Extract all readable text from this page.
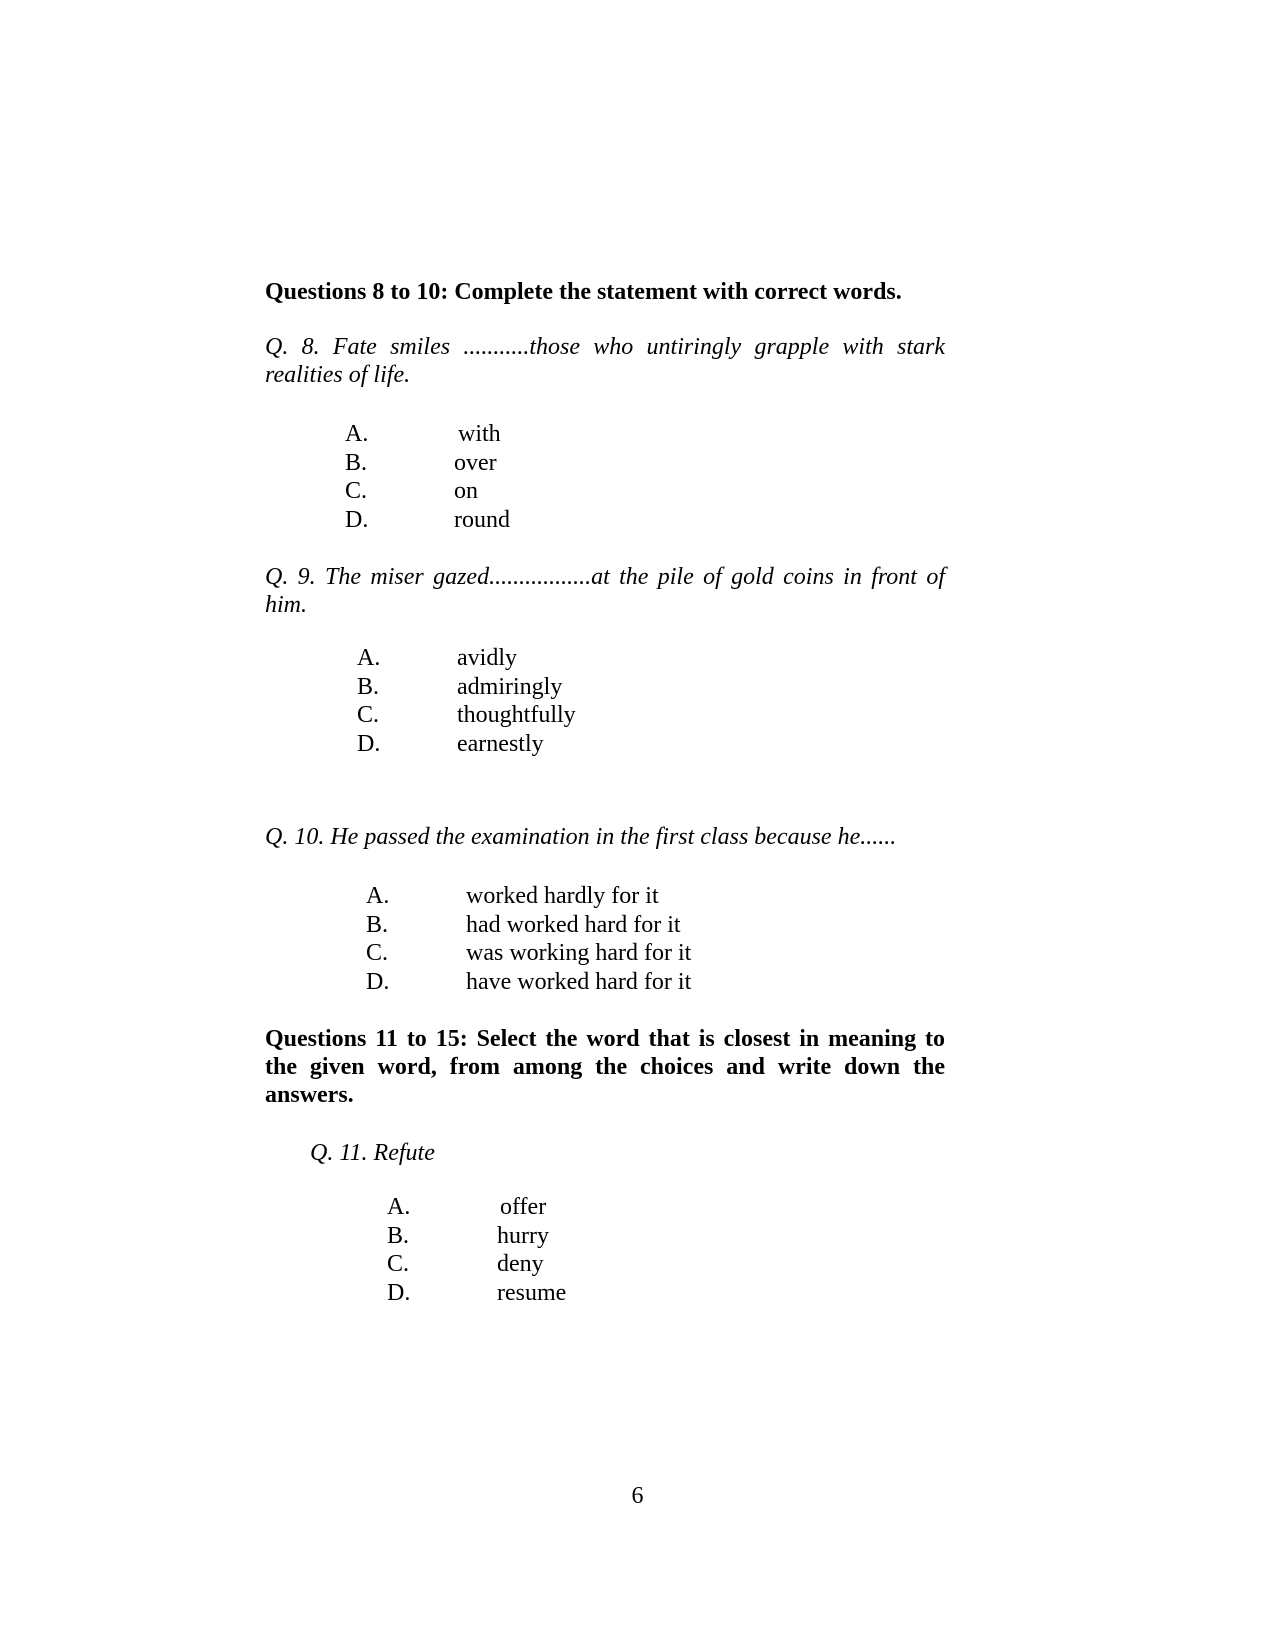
Questions 8 to 10: Complete the statement with correct words.

Q. 8. Fate smiles ...........those who untiringly grapple with stark realities of life.

A.	with
B.	over
C.	on
D.	round

Q. 9. The miser gazed.................at the pile of gold coins in front of him.

A.	avidly
B.	admiringly
C.	thoughtfully
D.	earnestly

Q. 10. He passed the examination in the first class because he......

A.	worked hardly for it
B.	had worked hard for it
C.	was working hard for it
D.	have worked hard for it

Questions 11 to 15: Select the word that is closest in meaning to the given word, from among the choices and write down the answers.

Q. 11. Refute

A.	offer
B.	hurry
C.	deny
D.	resume
6
